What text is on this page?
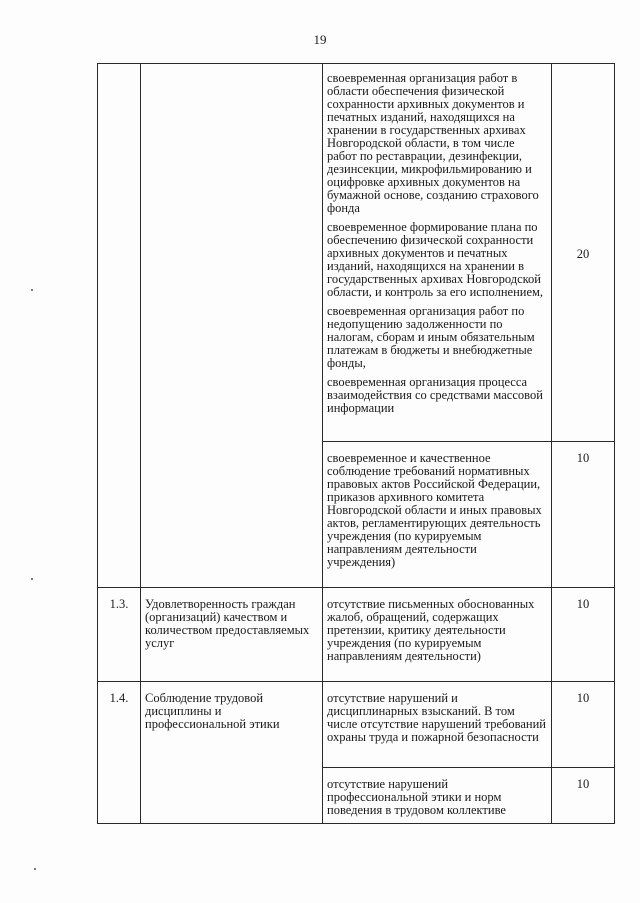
19

		своевременная организация работ в области обеспечения физической сохранности архивных документов и печатных изданий, находящихся на хранении в государственных архивах Новгородской области, в том числе работ по реставрации, дезинфекции, дезинсекции, микрофильмированию и оцифровке архивных документов на бумажной основе, созданию страхового фонда
своевременное формирование плана по обеспечению физической сохранности архивных документов и печатных изданий, находящихся на хранении в государственных архивах Новгородской области, и контроль за его исполнением,
своевременная организация работ по недопущению задолженности по налогам, сборам и иным обязательным платежам в бюджеты и внебюджетные фонды,
своевременная организация процесса взаимодействия со средствами массовой информации	20

		своевременное и качественное соблюдение требований нормативных правовых актов Российской Федерации, приказов архивного комитета Новгородской области и иных правовых актов, регламентирующих деятельность учреждения (по курируемым направлениям деятельности учреждения)	10
1.3.	Удовлетворенность граждан (организаций) качеством и количеством предоставляемых услуг	отсутствие письменных обоснованных жалоб, обращений, содержащих претензии, критику деятельности учреждения (по курируемым направлениям деятельности)	10
1.4.	Соблюдение трудовой дисциплины и профессиональной этики	отсутствие нарушений и дисциплинарных взысканий. В том числе отсутствие нарушений требований охраны труда и пожарной безопасности	10

		отсутствие нарушений профессиональной этики и норм поведения в трудовом коллективе	10
